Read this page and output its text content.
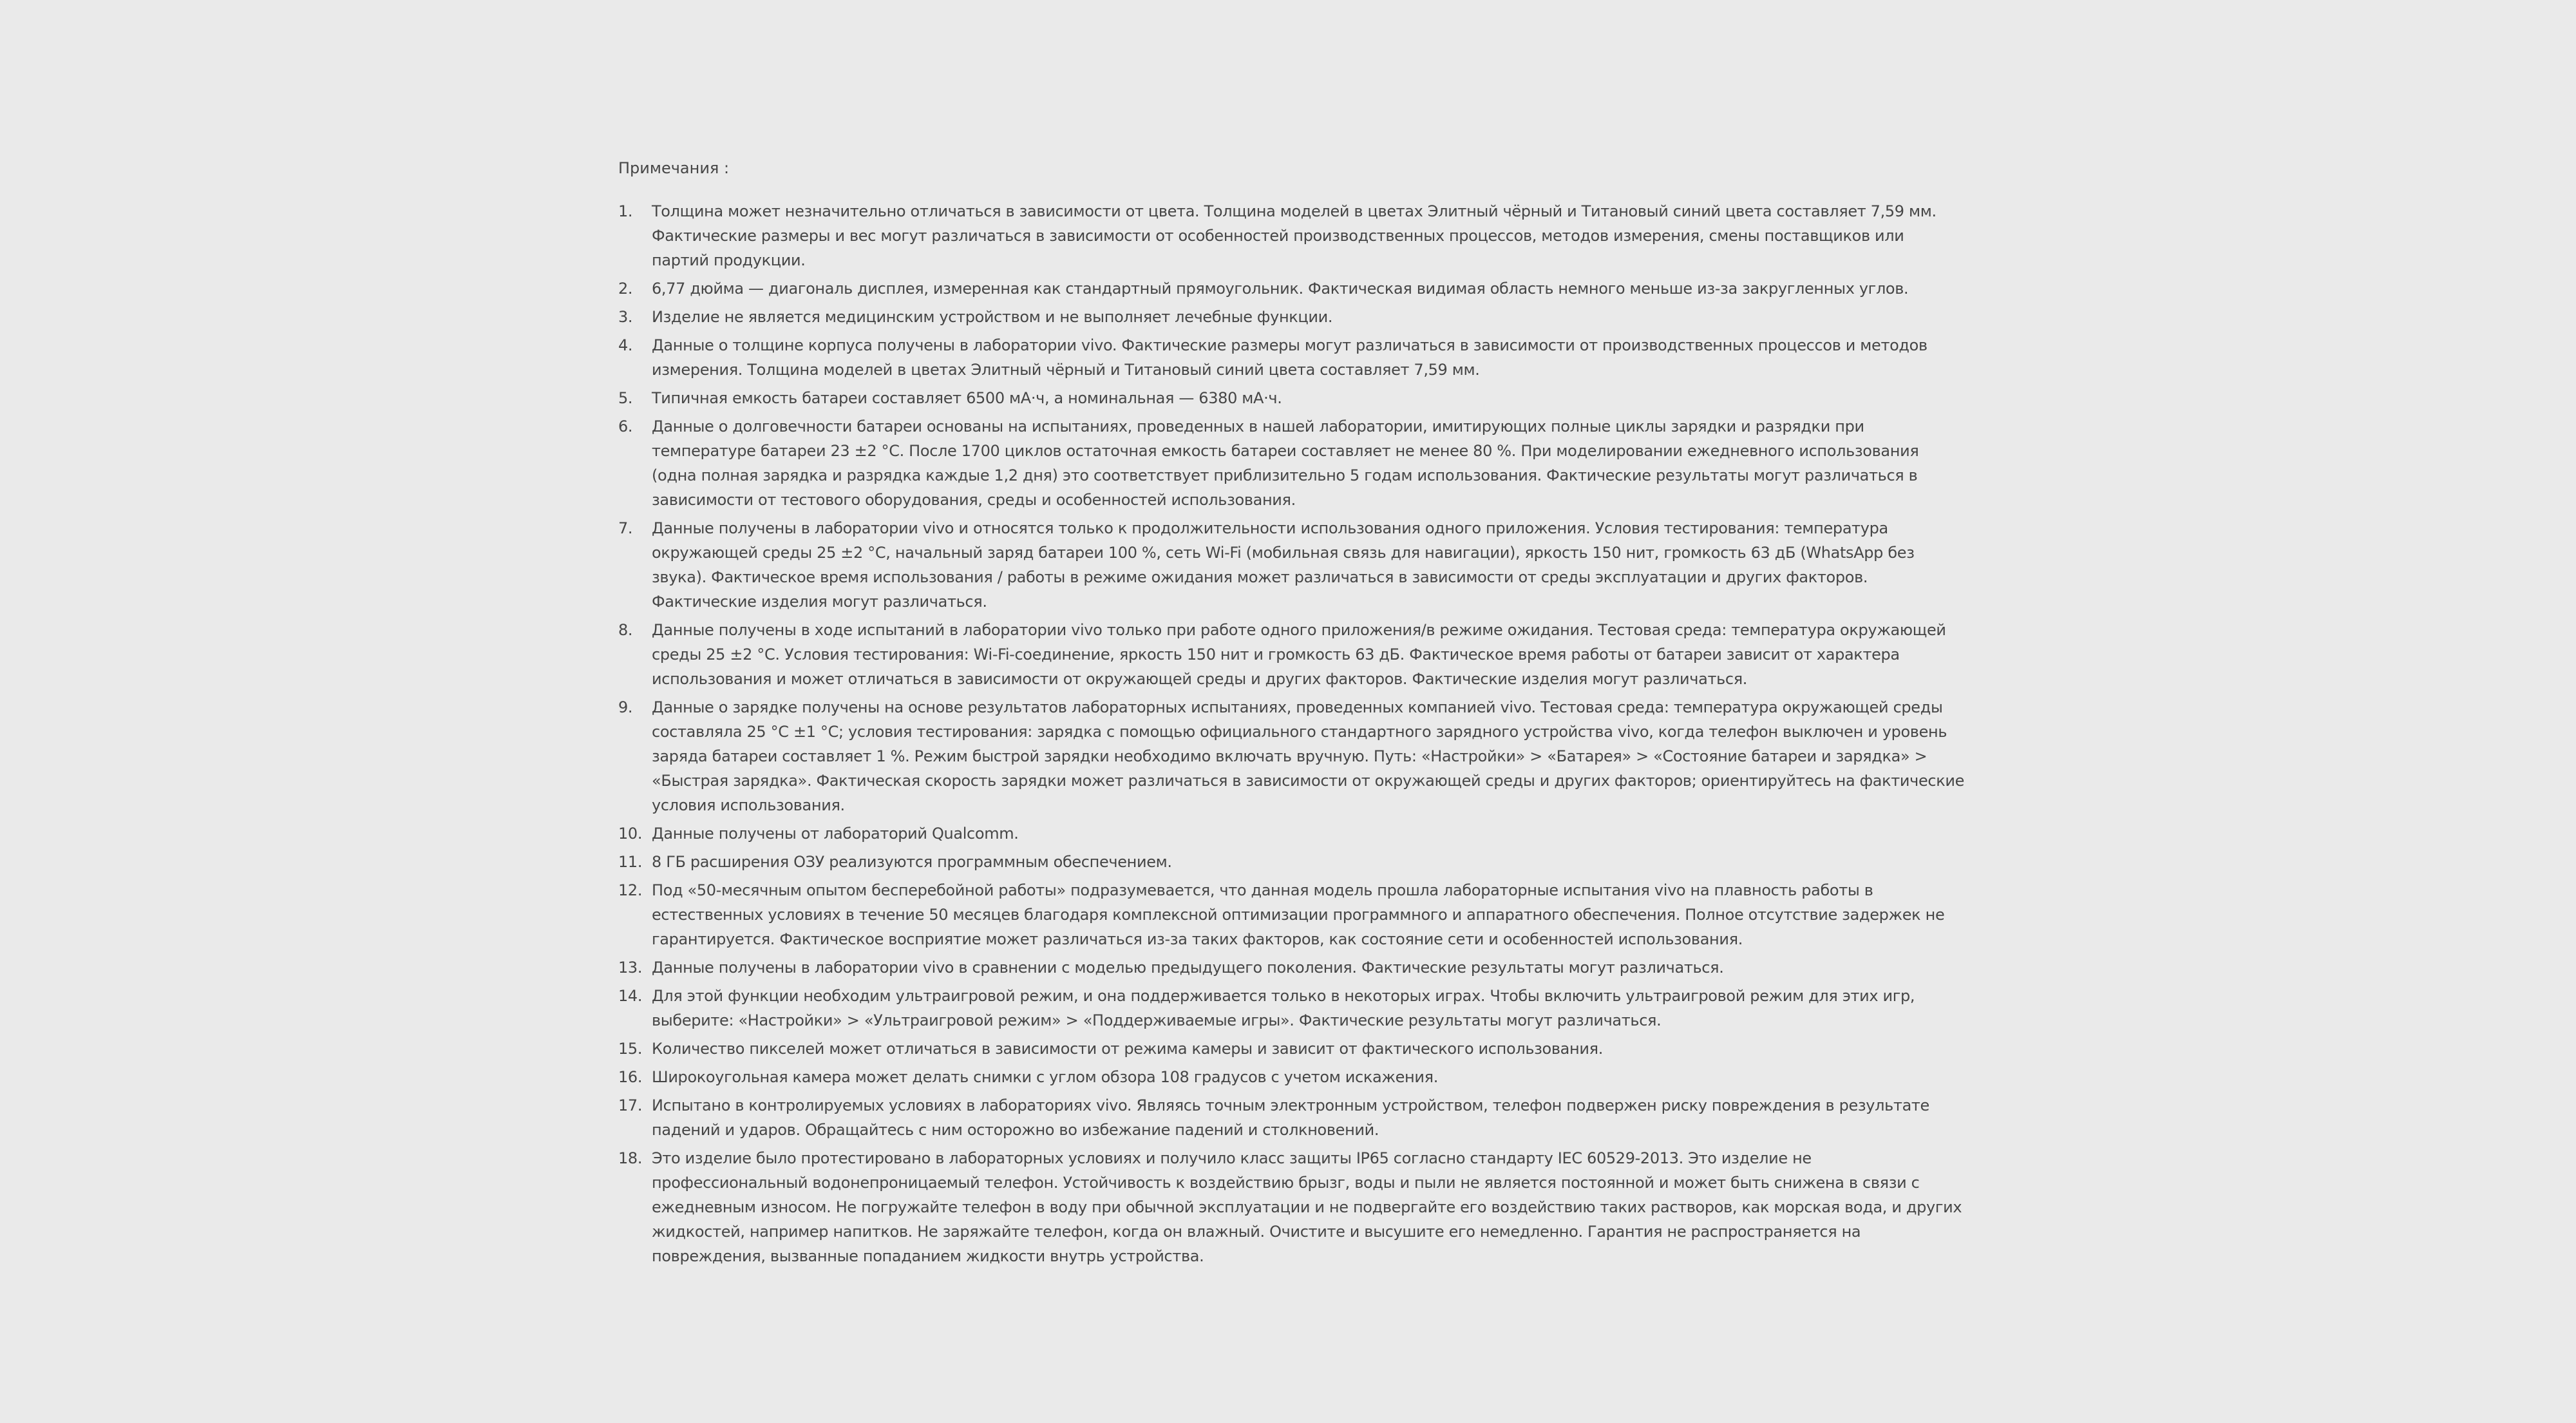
Примечания :
1.	Толщина может незначительно отличаться в зависимости от цвета. Толщина моделей в цветах Элитный чёрный и Титановый синий цвета составляет 7,59 мм. Фактические размеры и вес могут различаться в зависимости от особенностей производственных процессов, методов измерения, смены поставщиков или партий продукции.
2.	6,77 дюйма — диагональ дисплея, измеренная как стандартный прямоугольник. Фактическая видимая область немного меньше из-за закругленных углов.
3.	Изделие не является медицинским устройством и не выполняет лечебные функции.
4.	Данные о толщине корпуса получены в лаборатории vivo. Фактические размеры могут различаться в зависимости от производственных процессов и методов измерения. Толщина моделей в цветах Элитный чёрный и Титановый синий цвета составляет 7,59 мм.
5.	Типичная емкость батареи составляет 6500 мА·ч, а номинальная — 6380 мА·ч.
6.	Данные о долговечности батареи основаны на испытаниях, проведенных в нашей лаборатории, имитирующих полные циклы зарядки и разрядки при температуре батареи 23 ±2 °C. После 1700 циклов остаточная емкость батареи составляет не менее 80 %. При моделировании ежедневного использования (одна полная зарядка и разрядка каждые 1,2 дня) это соответствует приблизительно 5 годам использования. Фактические результаты могут различаться в зависимости от тестового оборудования, среды и особенностей использования.
7.	Данные получены в лаборатории vivo и относятся только к продолжительности использования одного приложения. Условия тестирования: температура окружающей среды 25 ±2 °C, начальный заряд батареи 100 %, сеть Wi-Fi (мобильная связь для навигации), яркость 150 нит, громкость 63 дБ (WhatsApp без звука). Фактическое время использования / работы в режиме ожидания может различаться в зависимости от среды эксплуатации и других факторов. Фактические изделия могут различаться.
8.	Данные получены в ходе испытаний в лаборатории vivo только при работе одного приложения/в режиме ожидания. Тестовая среда: температура окружающей среды 25 ±2 °C. Условия тестирования: Wi-Fi-соединение, яркость 150 нит и громкость 63 дБ. Фактическое время работы от батареи зависит от характера использования и может отличаться в зависимости от окружающей среды и других факторов. Фактические изделия могут различаться.
9.	Данные о зарядке получены на основе результатов лабораторных испытаниях, проведенных компанией vivo. Тестовая среда: температура окружающей среды составляла 25 °C ±1 °C; условия тестирования: зарядка с помощью официального стандартного зарядного устройства vivo, когда телефон выключен и уровень заряда батареи составляет 1 %. Режим быстрой зарядки необходимо включать вручную. Путь: «Настройки» > «Батарея» > «Состояние батареи и зарядка» > «Быстрая зарядка». Фактическая скорость зарядки может различаться в зависимости от окружающей среды и других факторов; ориентируйтесь на фактические условия использования.
10. Данные получены от лабораторий Qualcomm.
11. 8 ГБ расширения ОЗУ реализуются программным обеспечением.
12. Под «50-месячным опытом бесперебойной работы» подразумевается, что данная модель прошла лабораторные испытания vivo на плавность работы в естественных условиях в течение 50 месяцев благодаря комплексной оптимизации программного и аппаратного обеспечения. Полное отсутствие задержек не гарантируется. Фактическое восприятие может различаться из-за таких факторов, как состояние сети и особенностей использования.
13. Данные получены в лаборатории vivo в сравнении с моделью предыдущего поколения. Фактические результаты могут различаться.
14. Для этой функции необходим ультраигровой режим, и она поддерживается только в некоторых играх. Чтобы включить ультраигровой режим для этих игр, выберите: «Настройки» > «Ультраигровой режим» > «Поддерживаемые игры». Фактические результаты могут различаться.
15. Количество пикселей может отличаться в зависимости от режима камеры и зависит от фактического использования.
16. Широкоугольная камера может делать снимки с углом обзора 108 градусов с учетом искажения.
17. Испытано в контролируемых условиях в лабораториях vivo. Являясь точным электронным устройством, телефон подвержен риску повреждения в результате падений и ударов. Обращайтесь с ним осторожно во избежание падений и столкновений.
18. Это изделие было протестировано в лабораторных условиях и получило класс защиты IP65 согласно стандарту IEC 60529-2013. Это изделие не профессиональный водонепроницаемый телефон. Устойчивость к воздействию брызг, воды и пыли не является постоянной и может быть снижена в связи с ежедневным износом. Не погружайте телефон в воду при обычной эксплуатации и не подвергайте его воздействию таких растворов, как морская вода, и других жидкостей, например напитков. Не заряжайте телефон, когда он влажный. Очистите и высушите его немедленно. Гарантия не распространяется на повреждения, вызванные попаданием жидкости внутрь устройства.
